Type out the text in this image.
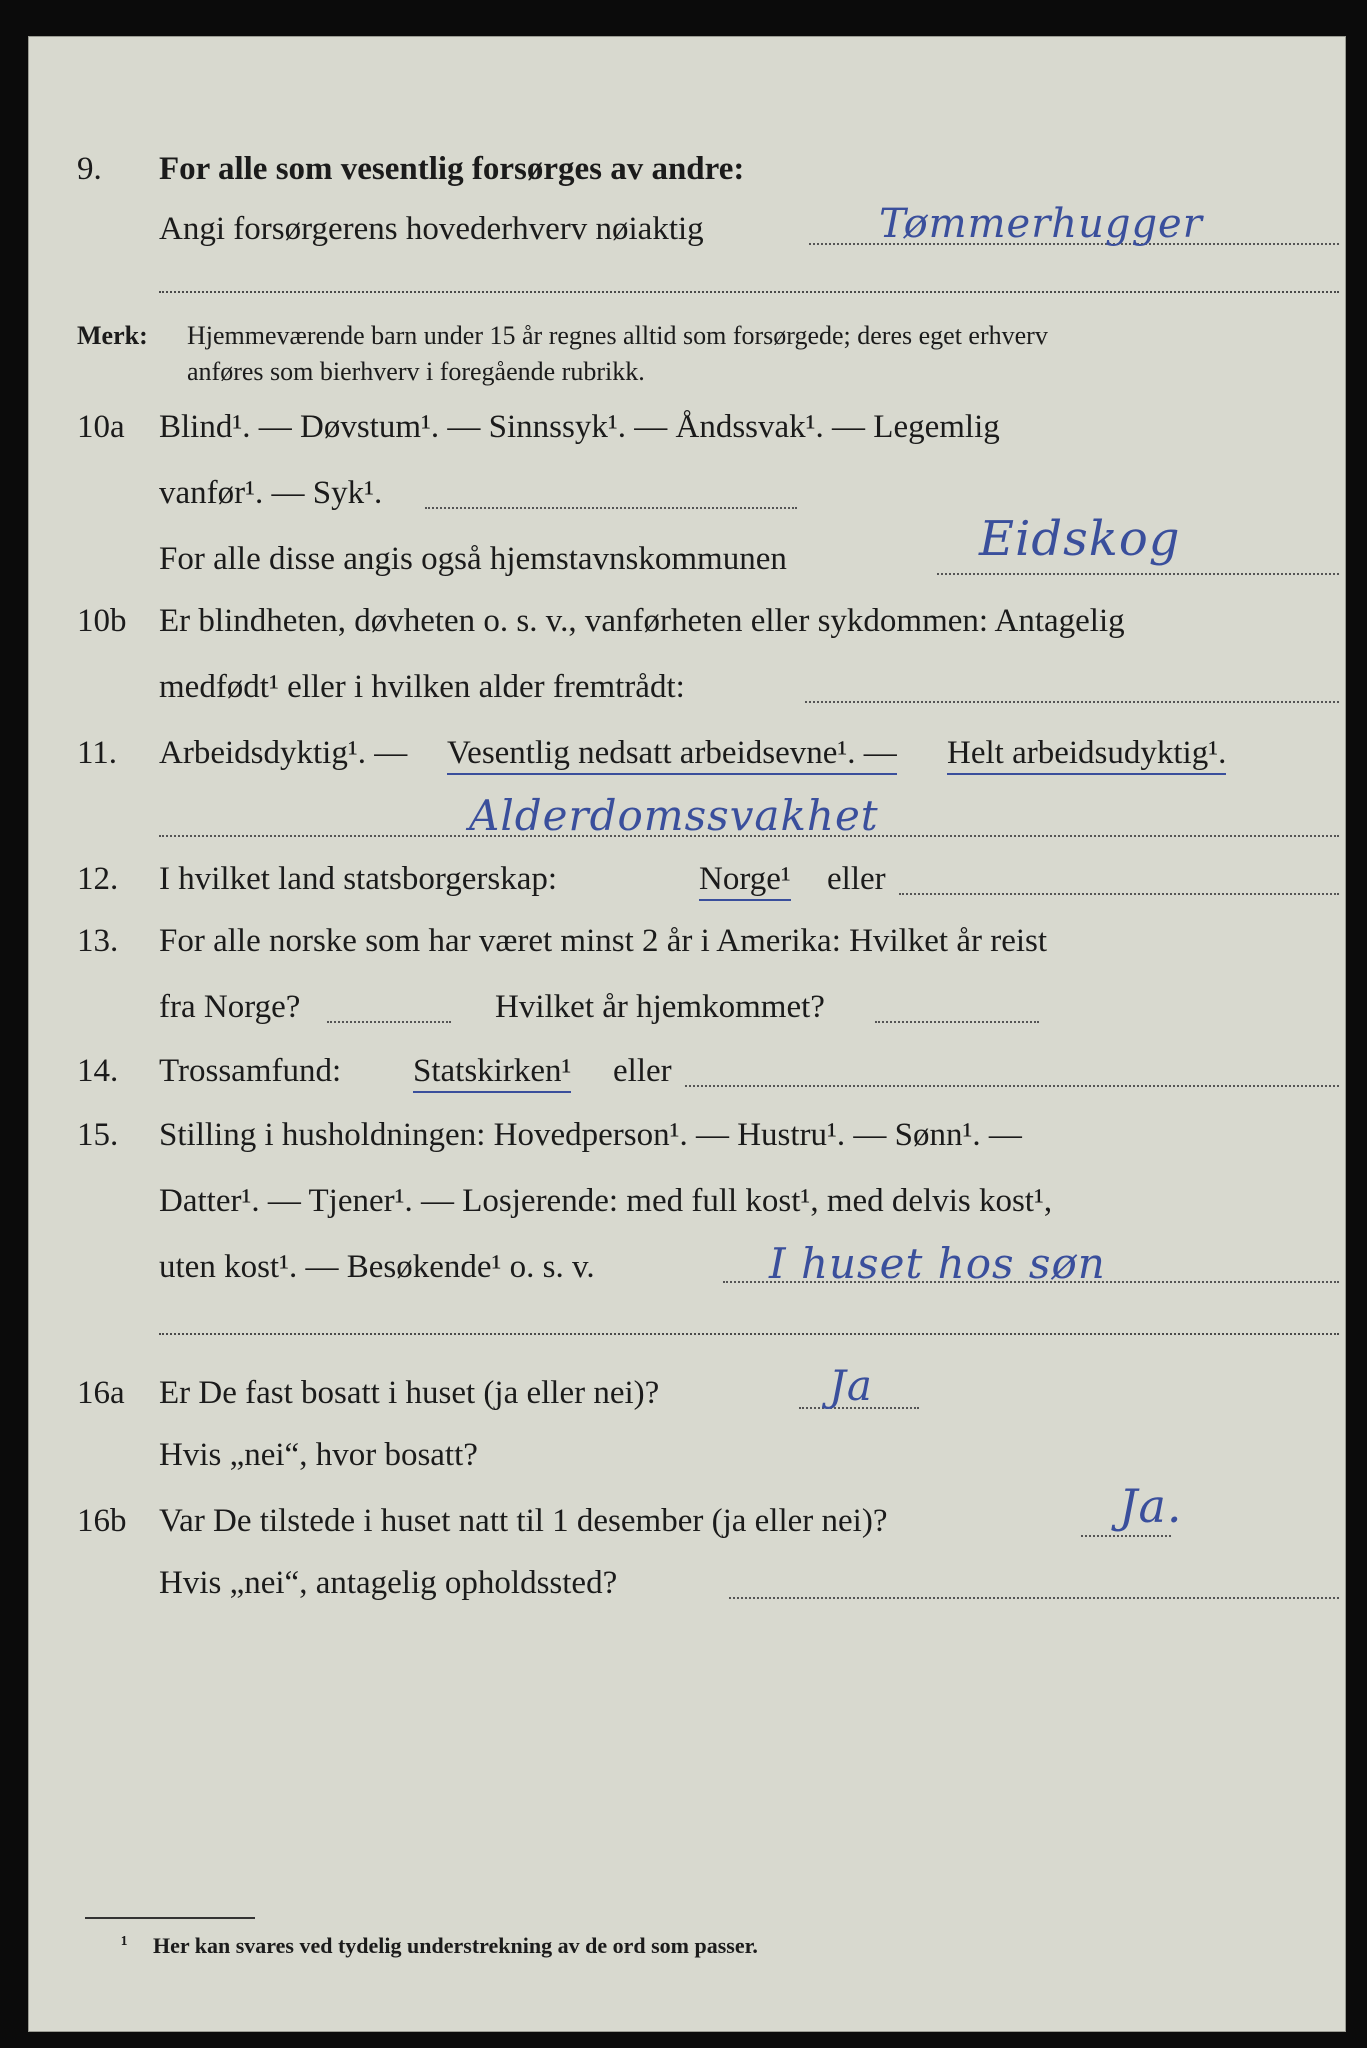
9. For alle som vesentlig forsørges av andre:
Angi forsørgerens hovederhverv nøiaktig	Tømmerhugger
Merk: Hjemmeværende barn under 15 år regnes alltid som forsørgede; deres eget erhverv
anføres som bierhverv i foregående rubrikk.
10a Blind¹. — Døvstum¹. — Sinnssyk¹. — Åndssvak¹. — Legemlig
vanfør¹. — Syk¹.
For alle disse angis også hjemstavnskommunen	Eidskog
10b Er blindheten, døvheten o. s. v., vanførheten eller sykdommen: Antagelig
medfødt¹ eller i hvilken alder fremtrådt:
11. Arbeidsdyktig¹. — Vesentlig nedsatt arbeidsevne¹. — Helt arbeidsudyktig¹.
Alderdomssvakhet
12. I hvilket land statsborgerskap:	Norge¹ eller
13. For alle norske som har været minst 2 år i Amerika: Hvilket år reist
fra Norge?	Hvilket år hjemkommet?
14. Trossamfund: Statskirken¹ eller
15. Stilling i husholdningen: Hovedperson¹. — Hustru¹. — Sønn¹. —
Datter¹. — Tjener¹. — Losjerende: med full kost¹, med delvis kost¹,
uten kost¹. — Besøkende¹ o. s. v.	I huset hos søn
16a Er De fast bosatt i huset (ja eller nei)?	Ja
Hvis „nei“, hvor bosatt?
16b Var De tilstede i huset natt til 1 desember (ja eller nei)?	Ja.
Hvis „nei“, antagelig opholdssted?
¹ Her kan svares ved tydelig understrekning av de ord som passer.
